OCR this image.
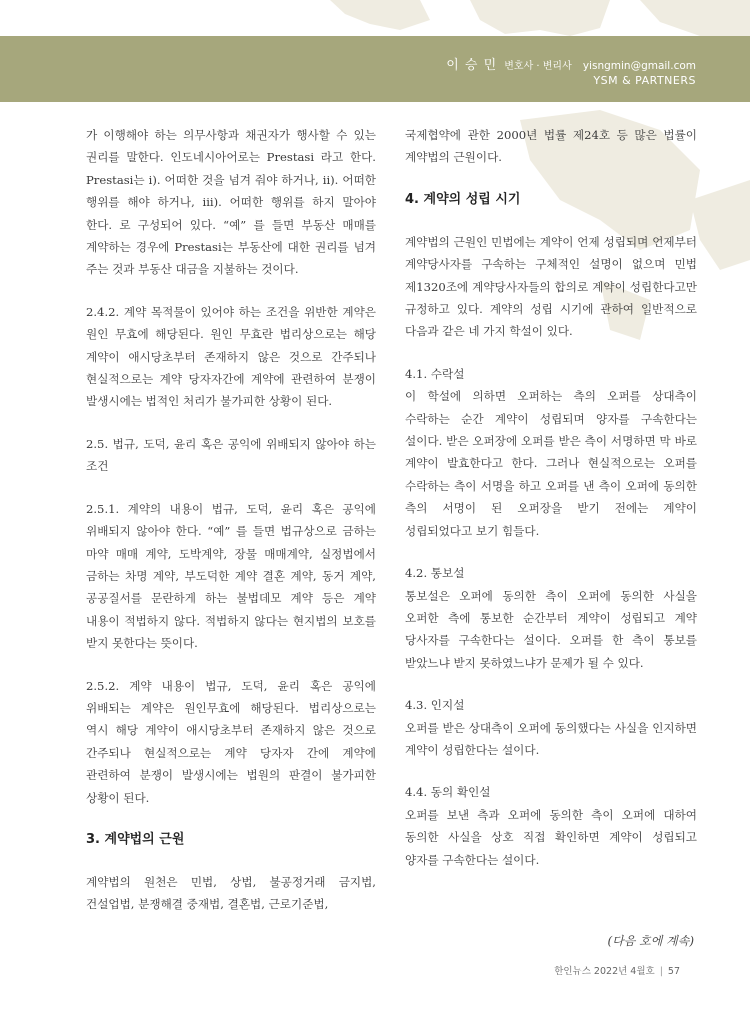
이 승 민 변호사 · 변리사 yisngmin@gmail.com
YSM & PARTNERS

가 이행해야 하는 의무사항과 채권자가 행사할 수 있는 권리를 말한다. 인도네시아어로는 Prestasi 라고 한다. Prestasi는 i). 어떠한 것을 넘겨 줘야 하거나, ii). 어떠한 행위를 해야 하거나, iii). 어떠한 행위를 하지 말아야 한다. 로 구성되어 있다. “예” 를 들면 부동산 매매를 계약하는 경우에 Prestasi는 부동산에 대한 권리를 넘겨 주는 것과 부동산 대금을 지불하는 것이다.

2.4.2. 계약 목적물이 있어야 하는 조건을 위반한 계약은 원인 무효에 해당된다. 원인 무효란 법리상으로는 해당 계약이 애시당초부터 존재하지 않은 것으로 간주되나 현실적으로는 계약 당자자간에 계약에 관련하여 분쟁이 발생시에는 법적인 처리가 불가피한 상황이 된다.

2.5. 법규, 도덕, 윤리 혹은 공익에 위배되지 않아야 하는 조건

2.5.1. 계약의 내용이 법규, 도덕, 윤리 혹은 공익에 위배되지 않아야 한다. “예” 를 들면 법규상으로 금하는 마약 매매 계약, 도박계약, 장물 매매계약, 실정법에서 금하는 차명 계약, 부도덕한 계약 결혼 계약, 동거 계약, 공공질서를 문란하게 하는 불법데모 계약 등은 계약 내용이 적법하지 않다. 적법하지 않다는 현지법의 보호를 받지 못한다는 뜻이다.

2.5.2. 계약 내용이 법규, 도덕, 윤리 혹은 공익에 위배되는 계약은 원인무효에 해당된다. 법리상으로는 역시 해당 계약이 애시당초부터 존재하지 않은 것으로 간주되나 현실적으로는 계약 당자자 간에 계약에 관련하여 분쟁이 발생시에는 법원의 판결이 불가피한 상황이 된다.

3. 계약법의 근원

계약법의 원천은 민법, 상법, 불공정거래 금지법, 건설업법, 분쟁해결 중재법, 결혼법, 근로기준법,

국제협약에 관한 2000년 법률 제24호 등 많은 법률이 계약법의 근원이다.

4. 계약의 성립 시기

계약법의 근원인 민법에는 계약이 언제 성립되며 언제부터 계약당사자를 구속하는 구체적인 설명이 없으며 민법 제1320조에 계약당사자들의 합의로 계약이 성립한다고만 규정하고 있다. 계약의 성립 시기에 관하여 일반적으로 다음과 같은 네 가지 학설이 있다.

4.1. 수락설

이 학설에 의하면 오퍼하는 측의 오퍼를 상대측이 수락하는 순간 계약이 성립되며 양자를 구속한다는 설이다. 받은 오퍼장에 오퍼를 받은 측이 서명하면 막 바로 계약이 발효한다고 한다. 그러나 현실적으로는 오퍼를 수락하는 측이 서명을 하고 오퍼를 낸 측이 오퍼에 동의한 측의 서명이 된 오퍼장을 받기 전에는 계약이 성립되었다고 보기 힘들다.

4.2. 통보설

통보설은 오퍼에 동의한 측이 오퍼에 동의한 사실을 오퍼한 측에 통보한 순간부터 계약이 성립되고 계약 당사자를 구속한다는 설이다. 오퍼를 한 측이 통보를 받았느냐 받지 못하였느냐가 문제가 될 수 있다.

4.3. 인지설

오퍼를 받은 상대측이 오퍼에 동의했다는 사실을 인지하면 계약이 성립한다는 설이다.

4.4. 동의 확인설

오퍼를 보낸 측과 오퍼에 동의한 측이 오퍼에 대하여 동의한 사실을 상호 직접 확인하면 계약이 성립되고 양자를 구속한다는 설이다.

(다음 호에 계속)
한인뉴스 2022년 4월호 | 57
